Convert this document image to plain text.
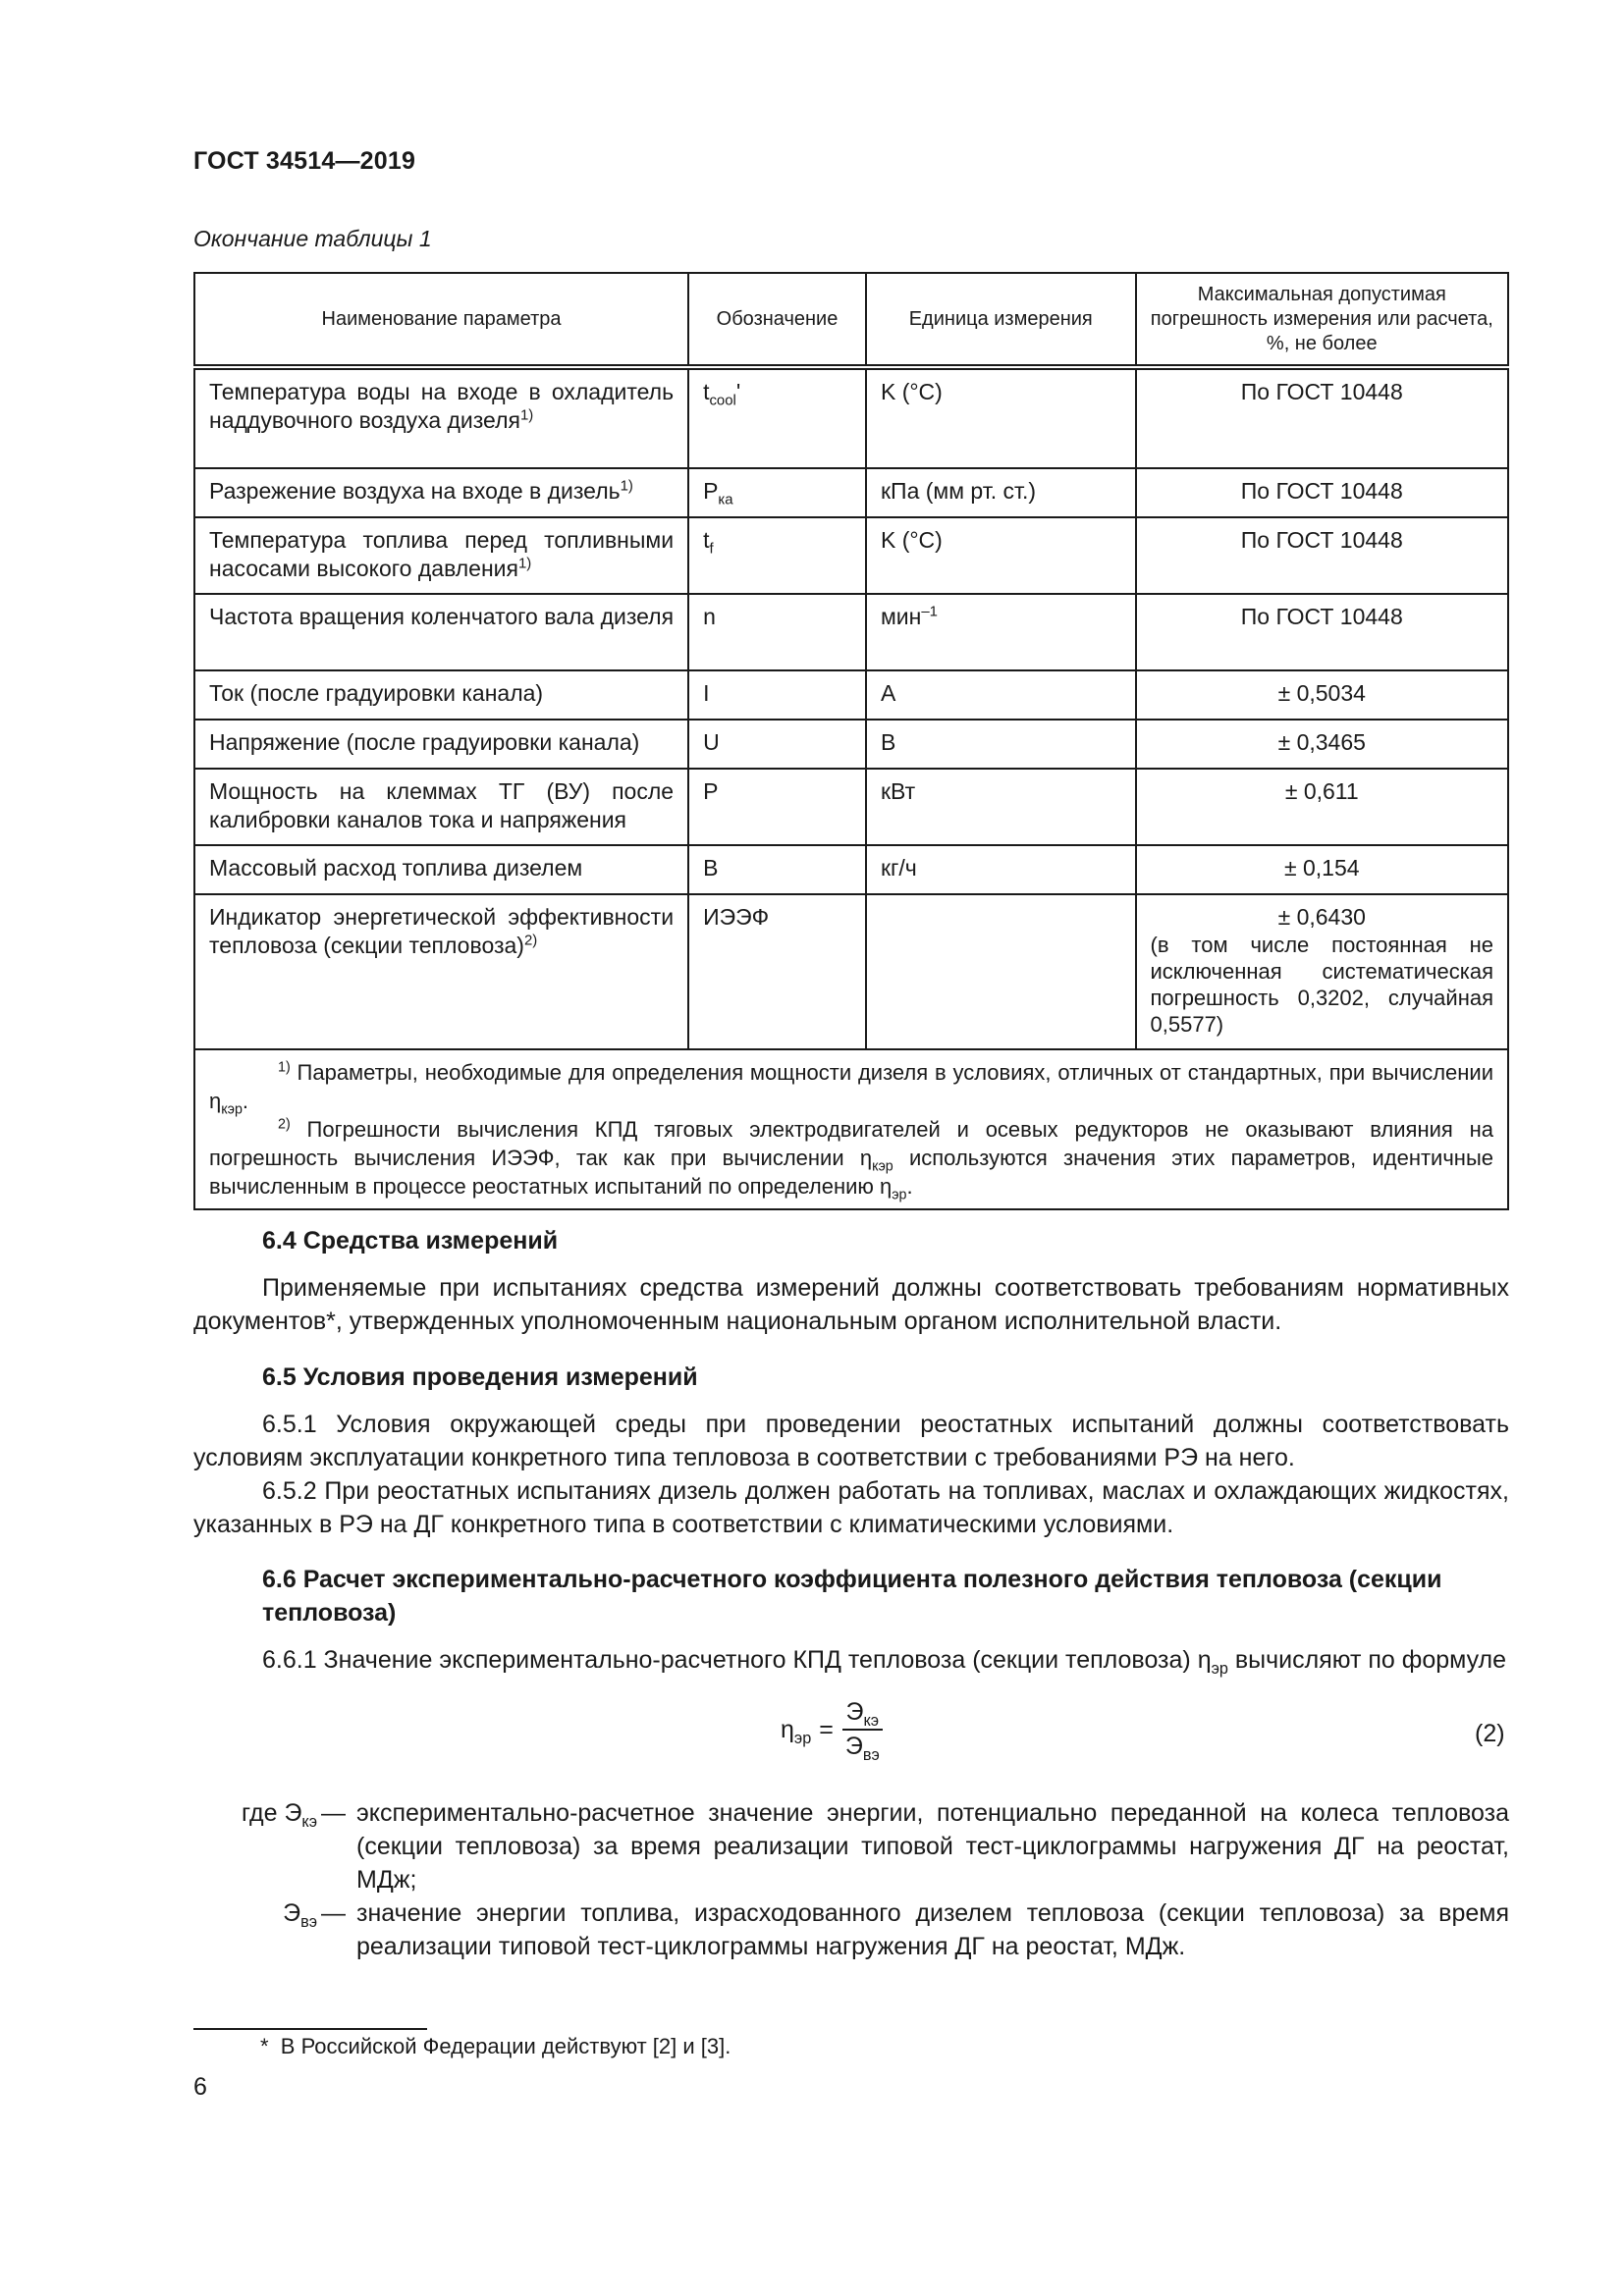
ГОСТ 34514—2019
Окончание таблицы 1
Наименование параметра	Обозначение	Единица измерения	Максимальная допустимая погрешность измерения или расчета, %, не более
Температура воды на входе в охладитель наддувочного воздуха дизеля$^{1)}$	$t_{cool}'$	K (°С)	По ГОСТ 10448
Разрежение воздуха на входе в дизель$^{1)}$	$P_{ка}$	кПа (мм рт. ст.)	По ГОСТ 10448
Температура топлива перед топливными насосами высокого давления$^{1)}$	$t_f$	K (°С)	По ГОСТ 10448
Частота вращения коленчатого вала дизеля	n	мин$^{-1}$	По ГОСТ 10448
Ток (после градуировки канала)	I	А	± 0,5034
Напряжение (после градуировки канала)	U	В	± 0,3465
Мощность на клеммах ТГ (ВУ) после калибровки каналов тока и напряжения	P	кВт	± 0,611
Массовый расход топлива дизелем	B	кг/ч	± 0,154
Индикатор энергетической эффективности тепловоза (секции тепловоза)$^{2)}$	ИЭЭФ		± 0,6430
(в том числе постоянная не исключенная систематическая погрешность 0,3202, случайная 0,5577)

$^{1)}$ Параметры, необходимые для определения мощности дизеля в условиях, отличных от стандартных, при вычислении $\eta_{кэр}$.

$^{2)}$ Погрешности вычисления КПД тяговых электродвигателей и осевых редукторов не оказывают влияния на погрешность вычисления ИЭЭФ, так как при вычислении $\eta_{кэр}$ используются значения этих параметров, идентичные вычисленным в процессе реостатных испытаний по определению $\eta_{эр}$.			

6.4 Средства измерений

Применяемые при испытаниях средства измерений должны соответствовать требованиям нормативных документов*, утвержденных уполномоченным национальным органом исполнительной власти.

6.5 Условия проведения измерений

6.5.1 Условия окружающей среды при проведении реостатных испытаний должны соответствовать условиям эксплуатации конкретного типа тепловоза в соответствии с требованиями РЭ на него.

6.5.2 При реостатных испытаниях дизель должен работать на топливах, маслах и охлаждающих жидкостях, указанных в РЭ на ДГ конкретного типа в соответствии с климатическими условиями.

6.6 Расчет экспериментально-расчетного коэффициента полезного действия тепловоза (секции тепловоза)

6.6.1 Значение экспериментально-расчетного КПД тепловоза (секции тепловоза) $\eta_{эр}$ вычисляют по формуле

$\eta_{эр} = \frac{Э_{кэ}}{Э_{вэ}}$	(2)
где $Э_{кэ}$ — экспериментально-расчетное значение энергии, потенциально переданной на колеса тепловоза (секции тепловоза) за время реализации типовой тест-циклограммы нагружения ДГ на реостат, МДж;
$Э_{вэ}$ — значение энергии топлива, израсходованного дизелем тепловоза (секции тепловоза) за время реализации типовой тест-циклограммы нагружения ДГ на реостат, МДж.
* В Российской Федерации действуют [2] и [3].
6
